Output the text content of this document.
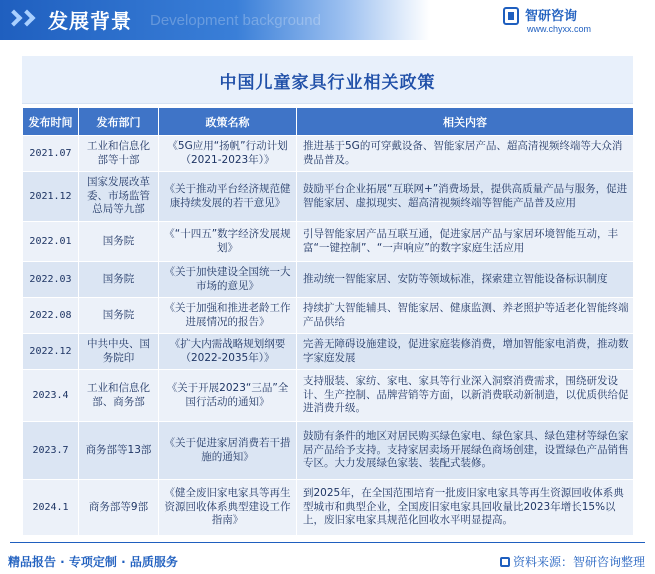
发展背景 Development background	智研咨询
www.chyxx.com
中国儿童家具行业相关政策
发布时间	发布部门	政策名称	相关内容
2021.07	工业和信息化部等十部	《5G应用“扬帆”行动计划（2021-2023年）》	推进基于5G的可穿戴设备、智能家居产品、超高清视频终端等大众消费品普及。
2021.12	国家发展改革委、市场监管总局等九部	《关于推动平台经济规范健康持续发展的若干意见》	鼓励平台企业拓展“互联网+”消费场景，提供高质量产品与服务，促进智能家居、虚拟现实、超高清视频终端等智能产品普及应用
2022.01	国务院	《“十四五”数字经济发展规划》	引导智能家居产品互联互通，促进家居产品与家居环境智能互动，丰富“一键控制”、“一声响应”的数字家庭生活应用
2022.03	国务院	《关于加快建设全国统一大市场的意见》	推动统一智能家居、安防等领域标准，探索建立智能设备标识制度
2022.08	国务院	《关于加强和推进老龄工作进展情况的报告》	持续扩大智能辅具、智能家居、健康监测、养老照护等适老化智能终端产品供给
2022.12	中共中央、国务院印	《扩大内需战略规划纲要（2022-2035年）》	完善无障碍设施建设，促进家庭装修消费，增加智能家电消费，推动数字家庭发展
2023.4	工业和信息化部、商务部	《关于开展2023“三品”全国行活动的通知》	支持服装、家纺、家电、家具等行业深入洞察消费需求，围绕研发设计、生产控制、品牌营销等方面，以新消费联动新制造，以优质供给促进消费升级。
2023.7	商务部等13部	《关于促进家居消费若干措施的通知》	鼓励有条件的地区对居民购买绿色家电、绿色家具、绿色建材等绿色家居产品给予支持。支持家居卖场开展绿色商场创建，设置绿色产品销售专区。大力发展绿色家装、装配式装修。
2024.1	商务部等9部	《健全废旧家电家具等再生资源回收体系典型建设工作指南》	到2025年，在全国范围培育一批废旧家电家具等再生资源回收体系典型城市和典型企业，全国废旧家电家具回收量比2023年增长15%以上，废旧家电家具规范化回收水平明显提高。
精品报告 · 专项定制 · 品质服务	资料来源：智研咨询整理
